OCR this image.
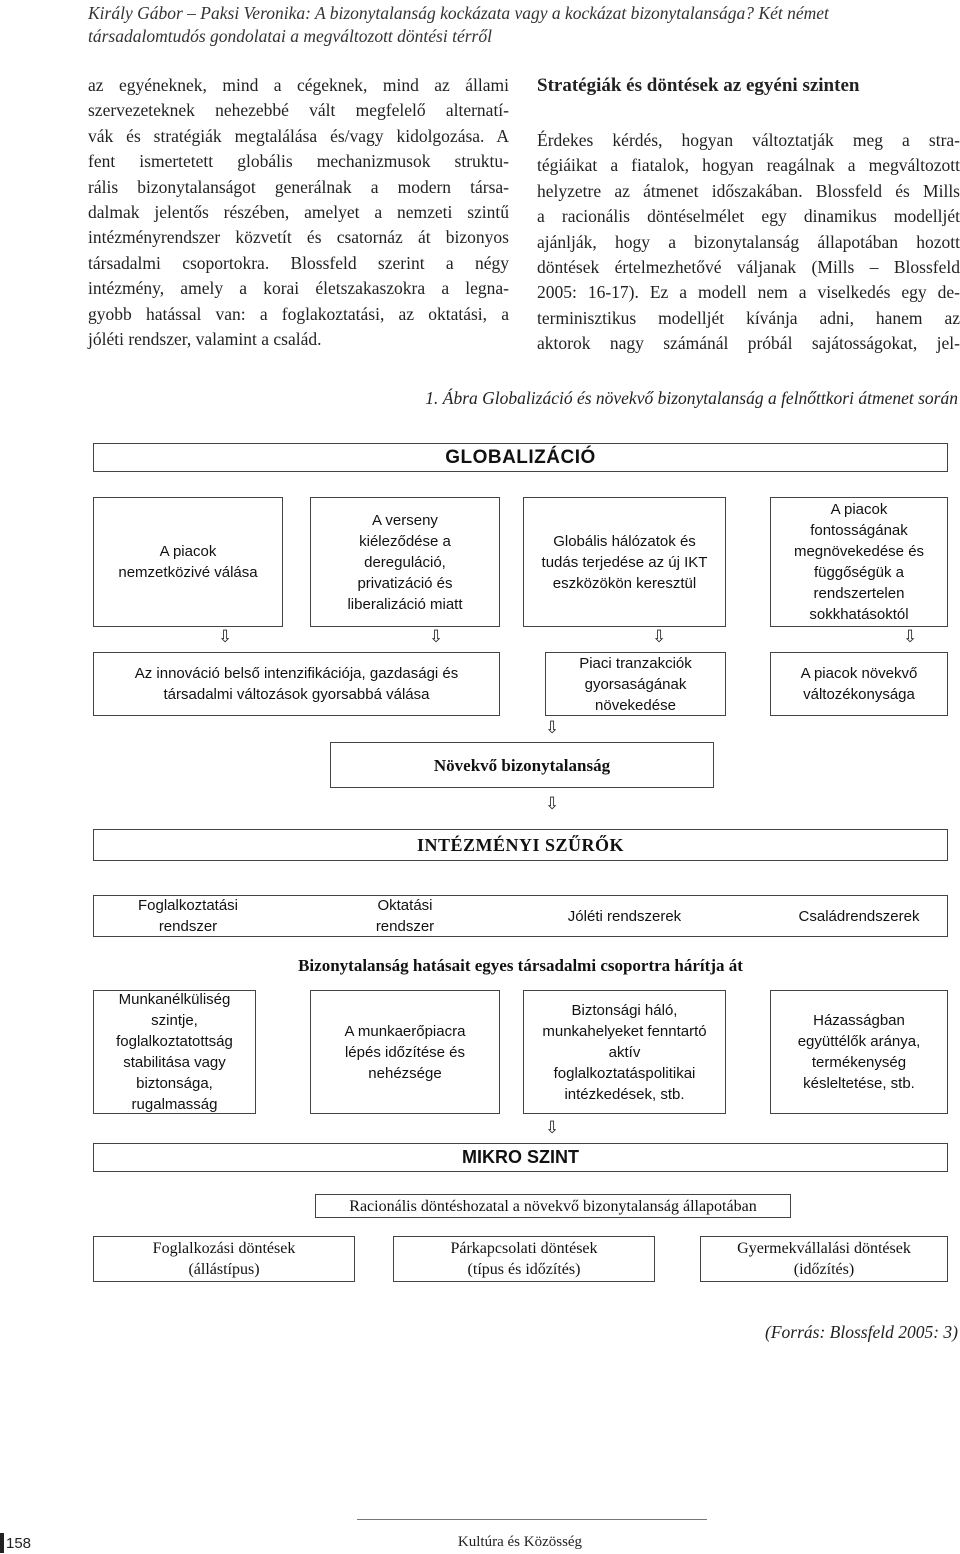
Király Gábor – Paksi Veronika: A bizonytalanság kockázata vagy a kockázat bizonytalansága? Két német
társadalomtudós gondolatai a megváltozott döntési térről
az egyéneknek, mind a cégeknek, mind az állami
szervezeteknek nehezebbé vált megfelelő alternatí-
vák és stratégiák megtalálása és/vagy kidolgozása. A
fent ismertetett globális mechanizmusok struktu-
rális bizonytalanságot generálnak a modern társa-
dalmak jelentős részében, amelyet a nemzeti szintű
intézményrendszer közvetít és csatornáz át bizonyos
társadalmi csoportokra. Blossfeld szerint a négy
intézmény, amely a korai életszakaszokra a legna-
gyobb hatással van: a foglakoztatási, az oktatási, a
jóléti rendszer, valamint a család.
Stratégiák és döntések az egyéni szinten
Érdekes kérdés, hogyan változtatják meg a stra-
tégiáikat a fiatalok, hogyan reagálnak a megváltozott
helyzetre az átmenet időszakában. Blossfeld és Mills
a racionális döntéselmélet egy dinamikus modelljét
ajánlják, hogy a bizonytalanság állapotában hozott
döntések értelmezhetővé váljanak (Mills – Blossfeld
2005: 16-17). Ez a modell nem a viselkedés egy de-
terminisztikus modelljét kívánja adni, hanem az
aktorok nagy számánál próbál sajátosságokat, jel-
1. Ábra Globalizáció és növekvő bizonytalanság a felnőttkori átmenet során
GLOBALIZÁCIÓ
A piacok
nemzetközivé válása
A verseny
kiéleződése a
dereguláció,
privatizáció és
liberalizáció miatt
Globális hálózatok és
tudás terjedése az új IKT
eszközökön keresztül
A piacok
fontosságának
megnövekedése és
függőségük a
rendszertelen
sokkhatásoktól
⇩	⇩	⇩	⇩
Az innováció belső intenzifikációja, gazdasági és
társadalmi változások gyorsabbá válása
Piaci tranzakciók
gyorsaságának
növekedése
A piacok növekvő
változékonysága
⇩
Növekvő bizonytalanság
⇩
INTÉZMÉNYI SZŰRŐK
Foglalkoztatási
rendszer
Oktatási
rendszer
Jóléti rendszerek	Családrendszerek
Bizonytalanság hatásait egyes társadalmi csoportra hárítja át
Munkanélküliség
szintje,
foglalkoztatottság
stabilitása vagy
biztonsága,
rugalmasság
A munkaerőpiacra
lépés időzítése és
nehézsége
Biztonsági háló,
munkahelyeket fenntartó
aktív
foglalkoztatáspolitikai
intézkedések, stb.
Házasságban
együttélők aránya,
termékenység
késleltetése, stb.
⇩
MIKRO SZINT
Racionális döntéshozatal a növekvő bizonytalanság állapotában
Foglalkozási döntések
(állástípus)
Párkapcsolati döntések
(típus és időzítés)
Gyermekvállalási döntések
(időzítés)
(Forrás: Blossfeld 2005: 3)
158	Kultúra és Közösség
